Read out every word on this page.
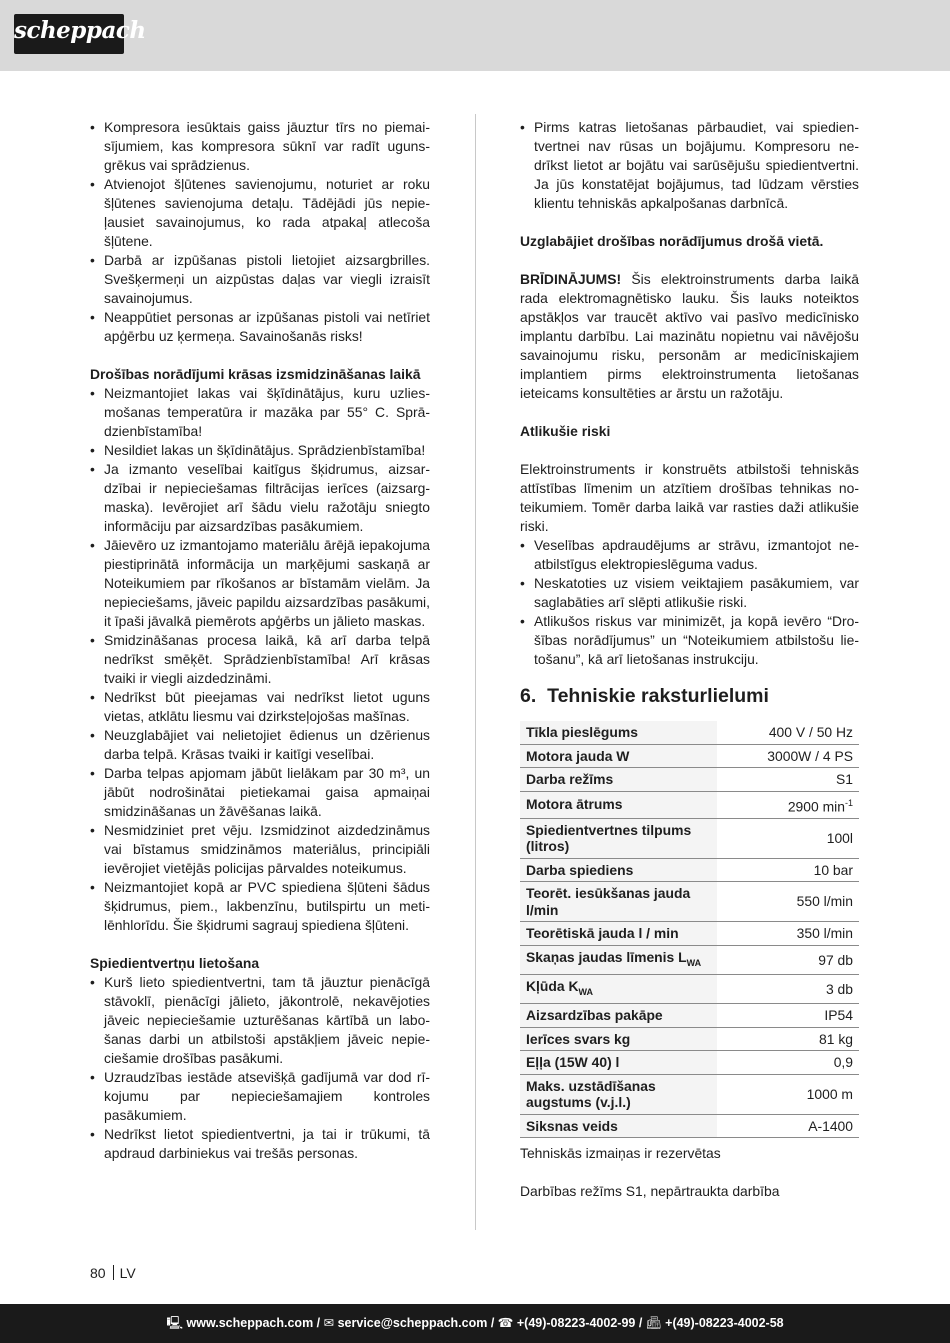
scheppach
• Kompresora iesūktais gaiss jāuztur tīrs no piemaisījumiem, kas kompresora sūknī var radīt ugunsgrēkus vai sprādzienus.
• Atvienojot šļūtenes savienojumu, noturiet ar roku šļūtenes savienojuma detaļu. Tādējādi jūs nepieļausiet savainojumus, ko rada atpakaļ atlecoša šļūtene.
• Darbā ar izpūšanas pistoli lietojiet aizsargbrilles. Svešķermeņi un aizpūstas daļas var viegli izraisīt savainojumus.
• Neappūtiet personas ar izpūšanas pistoli vai netīriet apģērbu uz ķermeņa. Savainošanās risks!

Drošības norādījumi krāsas izsmidzināšanas laikā

• Neizmantojiet lakas vai šķīdinātājus, kuru uzliesmošanas temperatūra ir mazāka par 55° C. Sprādzienbīstamība!
• Nesildiet lakas un šķīdinātājus. Sprādzienbīstamība!
• Ja izmanto veselībai kaitīgus šķidrumus, aizsardzībai ir nepieciešamas filtrācijas ierīces (aizsargmaska). Ievērojiet arī šādu vielu ražotāju sniegto informāciju par aizsardzības pasākumiem.
• Jāievēro uz izmantojamo materiālu ārējā iepakojuma piestiprinātā informācija un marķējumi saskaņā ar Noteikumiem par rīkošanos ar bīstamām vielām. Ja nepieciešams, jāveic papildu aizsardzības pasākumi, it īpaši jāvalkā piemērots apģērbs un jālieto maskas.
• Smidzināšanas procesa laikā, kā arī darba telpā nedrīkst smēķēt. Sprādzienbīstamība! Arī krāsas tvaiki ir viegli aizdedzināmi.
• Nedrīkst būt pieejamas vai nedrīkst lietot uguns vietas, atklātu liesmu vai dzirksteļojošas mašīnas.
• Neuzglabājiet vai nelietojiet ēdienus un dzērienus darba telpā. Krāsas tvaiki ir kaitīgi veselībai.
• Darba telpas apjomam jābūt lielākam par 30 m³, un jābūt nodrošinātai pietiekamai gaisa apmaiņai smidzināšanas un žāvēšanas laikā.
• Nesmidziniet pret vēju. Izsmidzinot aizdedzināmus vai bīstamus smidzināmos materiālus, principiāli ievērojiet vietējās policijas pārvaldes noteikumus.
• Neizmantojiet kopā ar PVC spiediena šļūteni šādus šķidrumus, piem., lakbenzīnu, butilspirtu un metilēnhlorīdu. Šie šķidrumi sagrauj spiediena šļūteni.

Spiedientvertņu lietošana

• Kurš lieto spiedientvertni, tam tā jāuztur pienācīgā stāvoklī, pienācīgi jālieto, jākontrolē, nekavējoties jāveic nepieciešamie uzturēšanas kārtībā un labošanas darbi un atbilstoši apstākļiem jāveic nepieciešamie drošības pasākumi.
• Uzraudzības iestāde atsevišķā gadījumā var dod rīkojumu par nepieciešamajiem kontroles pasākumiem.
• Nedrīkst lietot spiedientvertni, ja tai ir trūkumi, tā apdraud darbiniekus vai trešās personas.
• Pirms katras lietošanas pārbaudiet, vai spiedientvertnei nav rūsas un bojājumu. Kompresoru nedrīkst lietot ar bojātu vai sarūsējušu spiedientvertni. Ja jūs konstatējat bojājumus, tad lūdzam vērsties klientu tehniskās apkalpošanas darbnīcā.

Uzglabājiet drošības norādījumus drošā vietā.

BRĪDINĀJUMS! Šis elektroinstruments darba laikā rada elektromagnētisko lauku. Šis lauks noteiktos apstākļos var traucēt aktīvo vai pasīvo medicīnisko implantu darbību. Lai mazinātu nopietnu vai nāvējošu savainojumu risku, personām ar medicīniskajiem implantiem pirms elektroinstrumenta lietošanas ieteicams konsultēties ar ārstu un ražotāju.

Atlikušie riski

Elektroinstruments ir konstruēts atbilstoši tehniskās attīstības līmenim un atzītiem drošības tehnikas noteikumiem. Tomēr darba laikā var rasties daži atlikušie riski.

• Veselības apdraudējums ar strāvu, izmantojot neatbilstīgus elektropieslēguma vadus.
• Neskatoties uz visiem veiktajiem pasākumiem, var saglabāties arī slēpti atlikušie riski.
• Atlikušos riskus var minimizēt, ja kopā ievēro “Drošības norādījumus” un “Noteikumiem atbilstošu lietošanu”, kā arī lietošanas instrukciju.
6. Tehniskie raksturlielumi
Tīkla pieslēgums	400 V / 50 Hz
Motora jauda W	3000W / 4 PS
Darba režīms	S1
Motora ātrums	2900 $\min^{-1}$
Spiedientvertnes tilpums (litros)	100l
Darba spiediens	10 bar
Teorēt. iesūkšanas jauda l/min	550 l/min
Teorētiskā jauda l / min	350 l/min
Skaņas jaudas līmenis $L_{WA}$	97 db
Kļūda $K_{WA}$	3 db
Aizsardzības pakāpe	IP54
Ierīces svars kg	81 kg
Eļļa (15W 40) l	0,9
Maks. uzstādīšanas augstums (v.j.l.)	1000 m
Siksnas veids	A-1400

Tehniskās izmaiņas ir rezervētas

Darbības režīms S1, nepārtraukta darbība

80 LV
🖳︎ www.scheppach.com / ✉︎ service@scheppach.com / ☎︎ +(49)-08223-4002-99 / 📠︎ +(49)-08223-4002-58
